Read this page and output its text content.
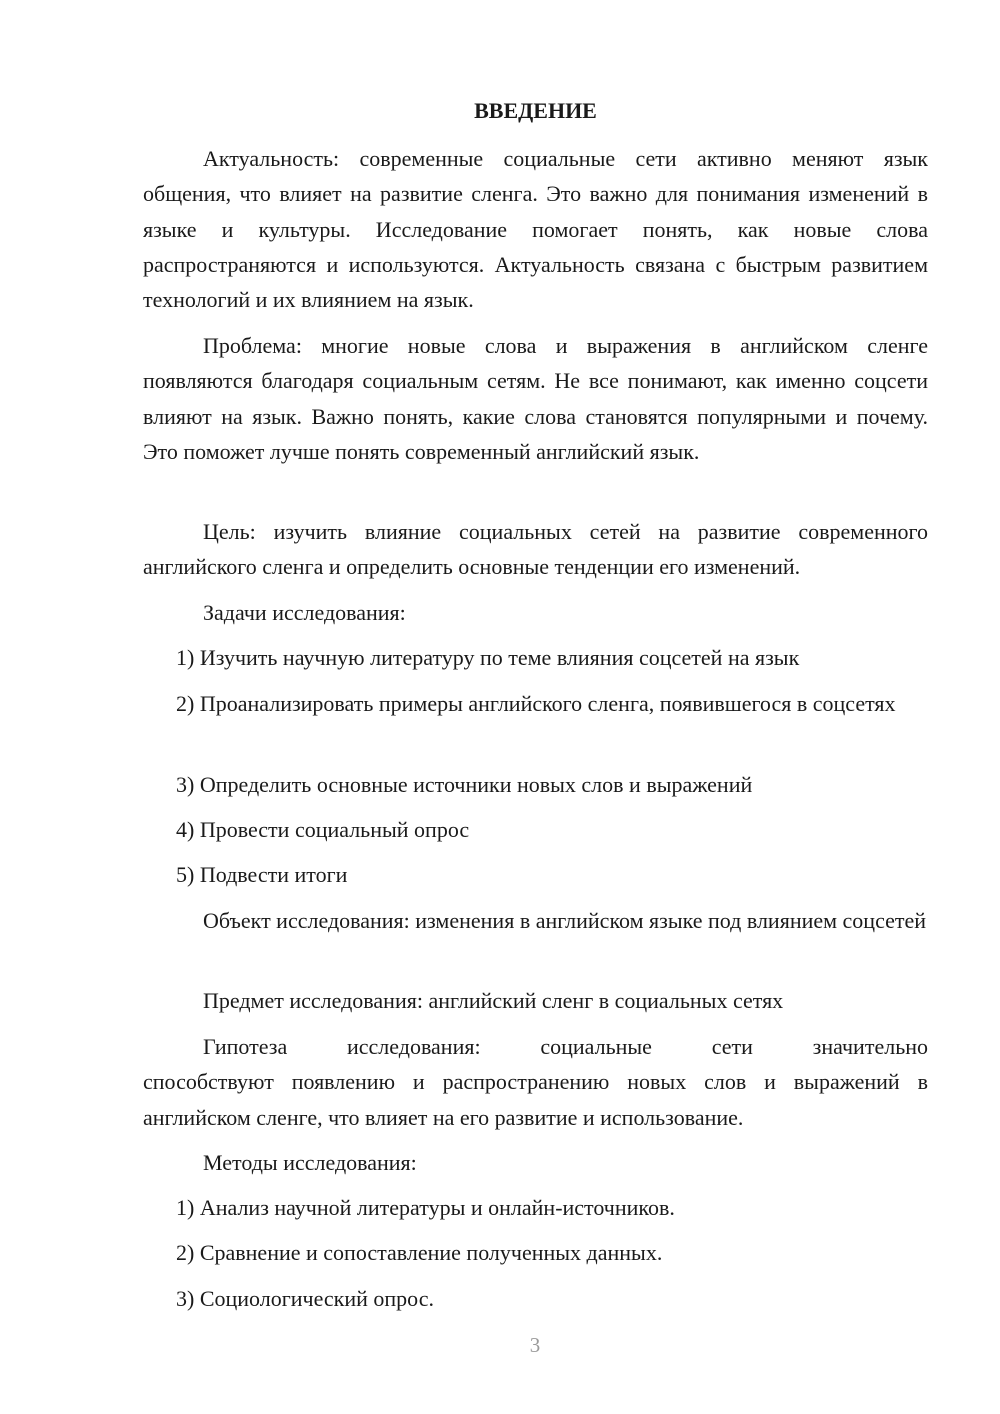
ВВЕДЕНИЕ

Актуальность: современные социальные сети активно меняют язык общения, что влияет на развитие сленга. Это важно для понимания изменений в языке и культуры. Исследование помогает понять, как новые слова распространяются и используются. Актуальность связана с быстрым развитием технологий и их влиянием на язык.

Проблема: многие новые слова и выражения в английском сленге появляются благодаря социальным сетям. Не все понимают, как именно соцсети влияют на язык. Важно понять, какие слова становятся популярными и почему. Это поможет лучше понять современный английский язык.

Цель: изучить влияние социальных сетей на развитие современного английского сленга и определить основные тенденции его изменений.

Задачи исследования:

1) Изучить научную литературу по теме влияния соцсетей на язык

2) Проанализировать примеры английского сленга, появившегося в соцсетях

3) Определить основные источники новых слов и выражений

4) Провести социальный опрос

5) Подвести итоги

Объект исследования: изменения в английском языке под влиянием соцсетей

Предмет исследования: английский сленг в социальных сетях

Гипотеза исследования: социальные сети значительно способствуют появлению и распространению новых слов и выражений в английском сленге, что влияет на его развитие и использование.

Методы исследования:

1) Анализ научной литературы и онлайн-источников.

2) Сравнение и сопоставление полученных данных.

3) Социологический опрос.

3
